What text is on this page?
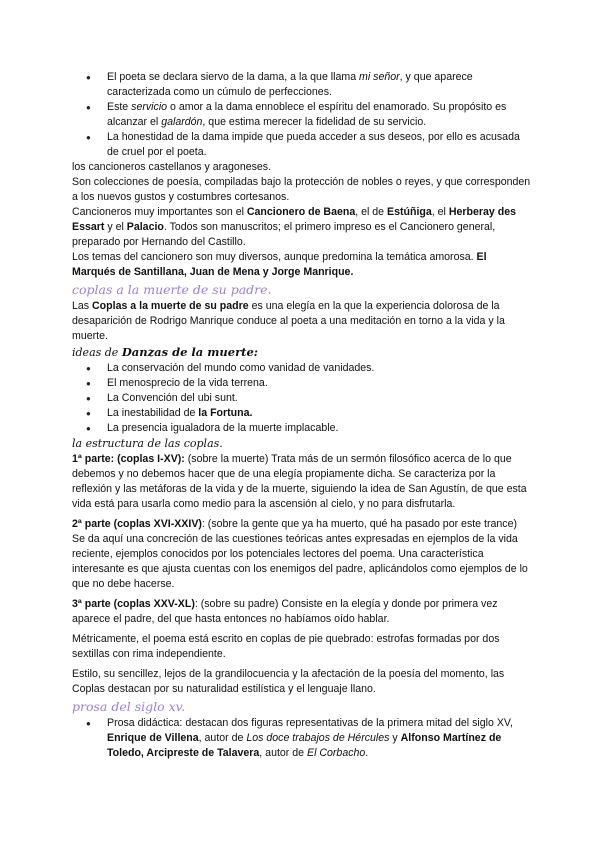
● El poeta se declara siervo de la dama, a la que llama mi señor, y que aparece caracterizada como un cúmulo de perfecciones.
● Este servicio o amor a la dama ennoblece el espíritu del enamorado. Su propósito es alcanzar el galardón, que estima merecer la fidelidad de su servicio.
● La honestidad de la dama impide que pueda acceder a sus deseos, por ello es acusada de cruel por el poeta.

los cancioneros castellanos y aragoneses.

Son colecciones de poesía, compiladas bajo la protección de nobles o reyes, y que corresponden a los nuevos gustos y costumbres cortesanos.

Cancioneros muy importantes son el Cancionero de Baena, el de Estúñiga, el Herberay des Essart y el Palacio. Todos son manuscritos; el primero impreso es el Cancionero general, preparado por Hernando del Castillo.

Los temas del cancionero son muy diversos, aunque predomina la temática amorosa. El Marqués de Santillana, Juan de Mena y Jorge Manrique.

coplas a la muerte de su padre.

Las Coplas a la muerte de su padre es una elegía en la que la experiencia dolorosa de la desaparición de Rodrigo Manrique conduce al poeta a una meditación en torno a la vida y la muerte.

ideas de Danzas de la muerte:

● La conservación del mundo como vanidad de vanidades.
● El menosprecio de la vida terrena.
● La Convención del ubi sunt.
● La inestabilidad de la Fortuna.
● La presencia igualadora de la muerte implacable.

la estructura de las coplas.

1ª parte: (coplas I-XV): (sobre la muerte) Trata más de un sermón filosófico acerca de lo que debemos y no debemos hacer que de una elegía propiamente dicha. Se caracteriza por la reflexión y las metáforas de la vida y de la muerte, siguiendo la idea de San Agustín, de que esta vida está para usarla como medio para la ascensión al cielo, y no para disfrutarla.

2ª parte (coplas XVI-XXIV): (sobre la gente que ya ha muerto, qué ha pasado por este trance) Se da aquí una concreción de las cuestiones teóricas antes expresadas en ejemplos de la vida reciente, ejemplos conocidos por los potenciales lectores del poema. Una característica interesante es que ajusta cuentas con los enemigos del padre, aplicándolos como ejemplos de lo que no debe hacerse.

3ª parte (coplas XXV-XL): (sobre su padre) Consiste en la elegía y donde por primera vez aparece el padre, del que hasta entonces no habíamos oído hablar.

Métricamente, el poema está escrito en coplas de pie quebrado: estrofas formadas por dos sextillas con rima independiente.

Estilo, su sencillez, lejos de la grandilocuencia y la afectación de la poesía del momento, las Coplas destacan por su naturalidad estilística y el lenguaje llano.

prosa del siglo xv.

● Prosa didáctica: destacan dos figuras representativas de la primera mitad del siglo XV, Enrique de Villena, autor de Los doce trabajos de Hércules y Alfonso Martínez de Toledo, Arcipreste de Talavera, autor de El Corbacho.
